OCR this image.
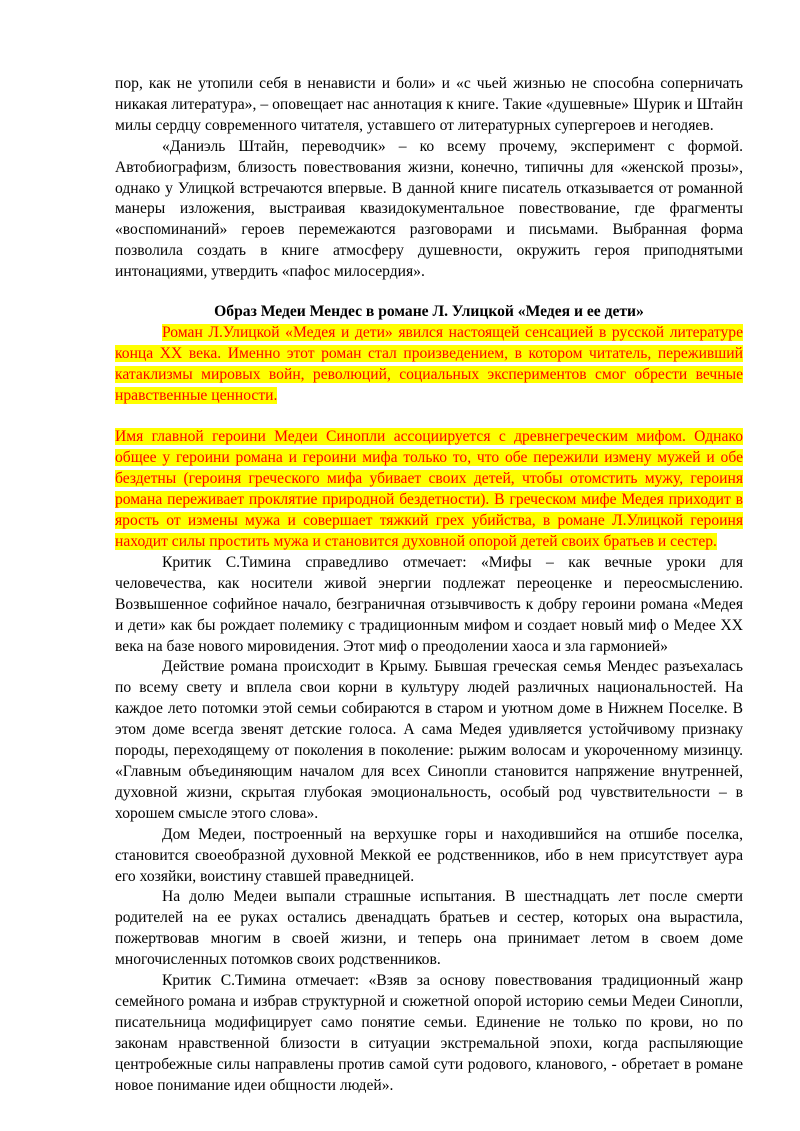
пор, как не утопили себя в ненависти и боли» и «с чьей жизнью не способна соперничать никакая литература», – оповещает нас аннотация к книге. Такие «душевные» Шурик и Штайн милы сердцу современного читателя, уставшего от литературных супергероев и негодяев.

«Даниэль Штайн, переводчик» – ко всему прочему, эксперимент с формой. Автобиографизм, близость повествования жизни, конечно, типичны для «женской прозы», однако у Улицкой встречаются впервые. В данной книге писатель отказывается от романной манеры изложения, выстраивая квазидокументальное повествование, где фрагменты «воспоминаний» героев перемежаются разговорами и письмами. Выбранная форма позволила создать в книге атмосферу душевности, окружить героя приподнятыми интонациями, утвердить «пафос милосердия».

Образ Медеи Мендес в романе Л. Улицкой «Медея и ее дети»

Роман Л.Улицкой «Медея и дети» явился настоящей сенсацией в русской литературе конца XX века. Именно этот роман стал произведением, в котором читатель, переживший катаклизмы мировых войн, революций, социальных экспериментов смог обрести вечные нравственные ценности.

Имя главной героини Медеи Синопли ассоциируется с древнегреческим мифом. Однако общее у героини романа и героини мифа только то, что обе пережили измену мужей и обе бездетны (героиня греческого мифа убивает своих детей, чтобы отомстить мужу, героиня романа переживает проклятие природной бездетности). В греческом мифе Медея приходит в ярость от измены мужа и совершает тяжкий грех убийства, в романе Л.Улицкой героиня находит силы простить мужа и становится духовной опорой детей своих братьев и сестер.

Критик С.Тимина справедливо отмечает: «Мифы – как вечные уроки для человечества, как носители живой энергии подлежат переоценке и переосмыслению. Возвышенное софийное начало, безграничная отзывчивость к добру героини романа «Медея и дети» как бы рождает полемику с традиционным мифом и создает новый миф о Медее XX века на базе нового мировидения. Этот миф о преодолении хаоса и зла гармонией»

Действие романа происходит в Крыму. Бывшая греческая семья Мендес разъехалась по всему свету и вплела свои корни в культуру людей различных национальностей. На каждое лето потомки этой семьи собираются в старом и уютном доме в Нижнем Поселке. В этом доме всегда звенят детские голоса. А сама Медея удивляется устойчивому признаку породы, переходящему от поколения в поколение: рыжим волосам и укороченному мизинцу. «Главным объединяющим началом для всех Синопли становится напряжение внутренней, духовной жизни, скрытая глубокая эмоциональность, особый род чувствительности – в хорошем смысле этого слова».

Дом Медеи, построенный на верхушке горы и находившийся на отшибе поселка, становится своеобразной духовной Меккой ее родственников, ибо в нем присутствует аура его хозяйки, воистину ставшей праведницей.

На долю Медеи выпали страшные испытания. В шестнадцать лет после смерти родителей на ее руках остались двенадцать братьев и сестер, которых она вырастила, пожертвовав многим в своей жизни, и теперь она принимает летом в своем доме многочисленных потомков своих родственников.

Критик С.Тимина отмечает: «Взяв за основу повествования традиционный жанр семейного романа и избрав структурной и сюжетной опорой историю семьи Медеи Синопли, писательница модифицирует само понятие семьи. Единение не только по крови, но по законам нравственной близости в ситуации экстремальной эпохи, когда распыляющие центробежные силы направлены против самой сути родового, кланового, - обретает в романе новое понимание идеи общности людей».
